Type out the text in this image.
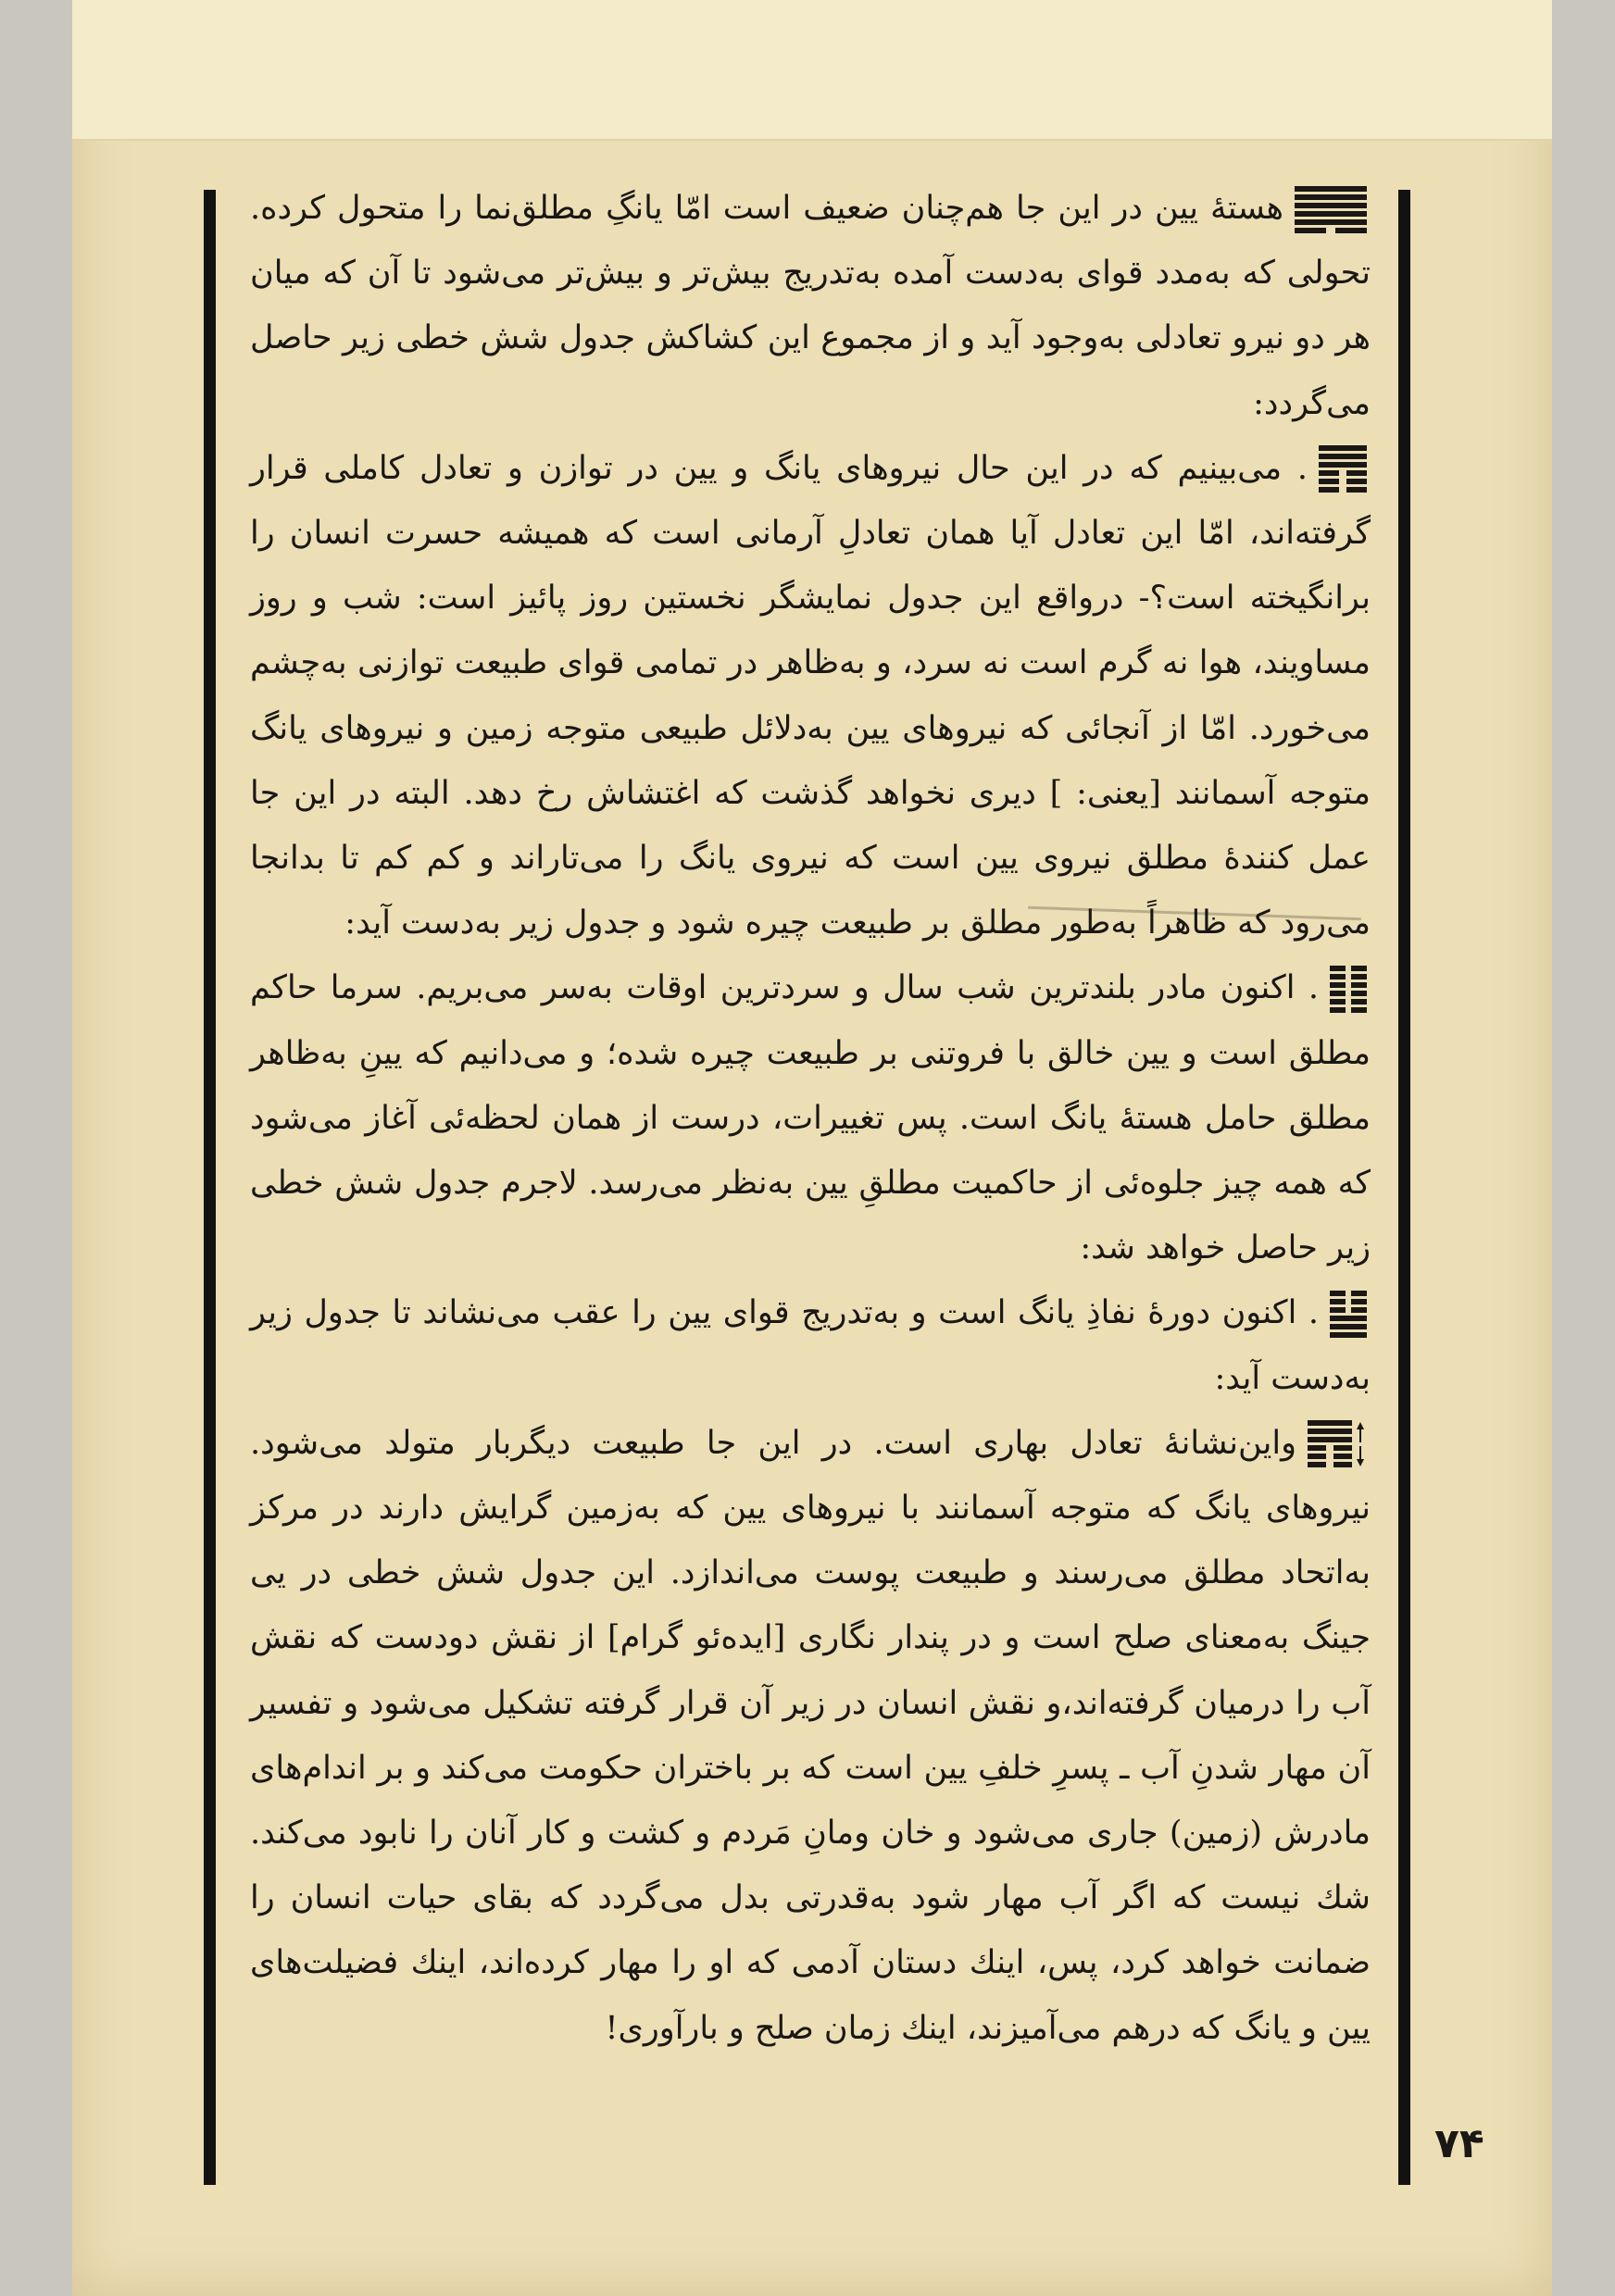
هستهٔ یین در این جا هم‌چنان ضعیف است امّا یانگِ مطلق‌نما را متحول کرده. تحولی که به‌مدد قوای به‌دست آمده به‌تدریج بیش‌تر و بیش‌تر می‌شود تا آن که میان هر دو نیرو تعادلی به‌وجود آید و از مجموع این کشاکش جدول شش خطی زیر حاصل می‌گردد:

. می‌بینیم که در این حال نیروهای یانگ و یین در توازن و تعادل کاملی قرار گرفته‌اند، امّا این تعادل آیا همان تعادلِ آرمانی است که همیشه حسرت انسان را برانگیخته است؟- درواقع این جدول نمایشگر نخستین روز پائیز است: شب و روز مساویند، هوا نه گرم است نه سرد، و به‌ظاهر در تمامی قوای طبیعت توازنی به‌چشم می‌خورد. امّا از آنجائی که نیروهای یین به‌دلائل طبیعی متوجه زمین و نیروهای یانگ متوجه آسمانند [یعنی: ] دیری نخواهد گذشت که اغتشاش رخ دهد. البته در این جا عمل کنندهٔ مطلق نیروی یین است که نیروی یانگ را می‌تاراند و کم کم تا بدانجا می‌رود که ظاهراً به‌طور مطلق بر طبیعت چیره شود و جدول زیر به‌دست آید:

. اکنون مادر بلندترین شب سال و سردترین اوقات به‌سر می‌بریم. سرما حاکم مطلق است و یین خالق با فروتنی بر طبیعت چیره شده؛ و می‌دانیم که یینِ به‌ظاهر مطلق حامل هستهٔ یانگ است. پس تغییرات، درست از همان لحظه‌ئی آغاز می‌شود که همه چیز جلوه‌ئی از حاکمیت مطلقِ یین به‌نظر می‌رسد. لاجرم جدول شش خطی زیر حاصل خواهد شد:

. اکنون دورهٔ نفاذِ یانگ است و به‌تدریج قوای یین را عقب می‌نشاند تا جدول زیر به‌دست آید:

واین‌نشانهٔ تعادل بهاری است. در این جا طبیعت دیگربار متولد می‌شود. نیروهای یانگ که متوجه آسمانند با نیروهای یین که به‌زمین گرایش دارند در مرکز به‌اتحاد مطلق می‌رسند و طبیعت پوست می‌اندازد. این جدول شش خطی در یی جینگ به‌معنای صلح است و در پندار نگاری [ایده‌ئو گرام] از نقش دودست که نقش آب را درمیان گرفته‌اند،و نقش انسان در زیر آن قرار گرفته تشکیل می‌شود و تفسیر آن مهار شدنِ آب ـ پسرِ خلفِ یین است که بر باختران حکومت می‌کند و بر اندام‌های مادرش (زمین) جاری می‌شود و خان ومانِ مَردم و کشت و کار آنان را نابود می‌کند. شك نیست که اگر آب مهار شود به‌قدرتی بدل می‌گردد که بقای حیات انسان را ضمانت خواهد کرد، پس، اینك دستان آدمی که او را مهار کرده‌اند، اینك فضیلت‌های یین و یانگ که درهم می‌آمیزند، اینك زمان صلح و بارآوری!

۷۴
